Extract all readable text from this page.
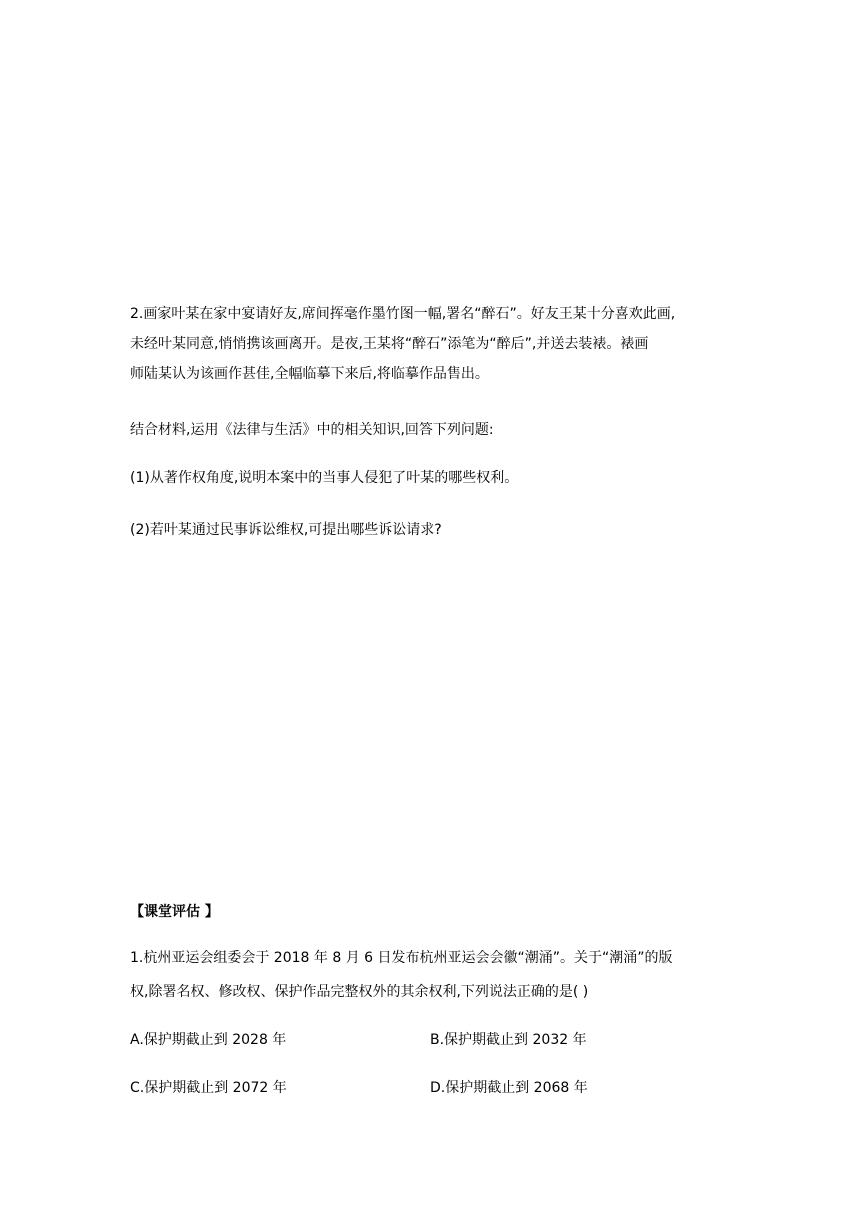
2.画家叶某在家中宴请好友,席间挥毫作墨竹图一幅,署名“醉石”。好友王某十分喜欢此画,
未经叶某同意,悄悄携该画离开。是夜,王某将“醉石”添笔为“醉后”,并送去装裱。裱画
师陆某认为该画作甚佳,全幅临摹下来后,将临摹作品售出。
结合材料,运用《法律与生活》中的相关知识,回答下列问题:
(1)从著作权角度,说明本案中的当事人侵犯了叶某的哪些权利。
(2)若叶某通过民事诉讼维权,可提出哪些诉讼请求?
【课堂评估 】
1.杭州亚运会组委会于 2018 年 8 月 6 日发布杭州亚运会会徽“潮涌”。关于“潮涌”的版
权,除署名权、修改权、保护作品完整权外的其余权利,下列说法正确的是( )
A.保护期截止到 2028 年	B.保护期截止到 2032 年
C.保护期截止到 2072 年	D.保护期截止到 2068 年
